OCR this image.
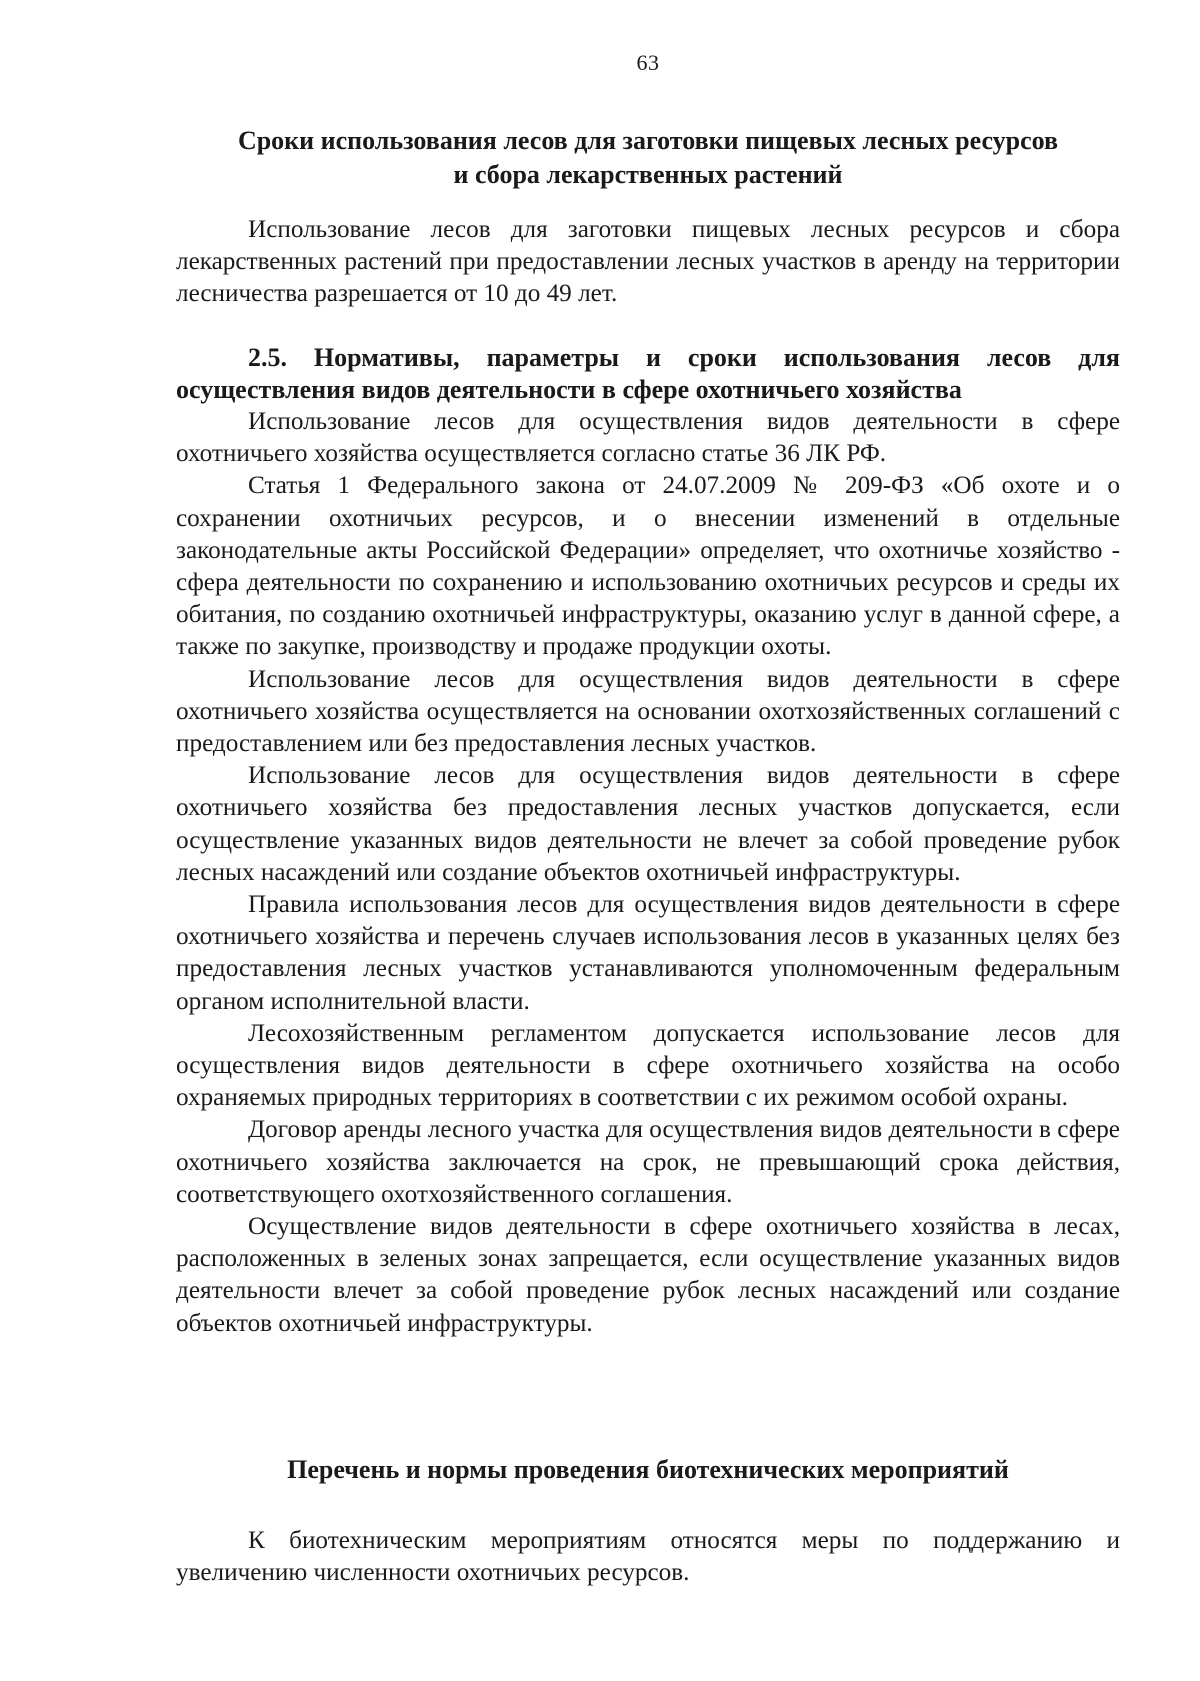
63
Сроки использования лесов для заготовки пищевых лесных ресурсов
и сбора лекарственных растений

Использование лесов для заготовки пищевых лесных ресурсов и сбора лекарственных растений при предоставлении лесных участков в аренду на территории лесничества разрешается от 10 до 49 лет.

2.5. Нормативы, параметры и сроки использования лесов для осуществления видов деятельности в сфере охотничьего хозяйства

Использование лесов для осуществления видов деятельности в сфере охотничьего хозяйства осуществляется согласно статье 36 ЛК РФ.

Статья 1 Федерального закона от 24.07.2009 № 209-ФЗ «Об охоте и о сохранении охотничьих ресурсов, и о внесении изменений в отдельные законодательные акты Российской Федерации» определяет, что охотничье хозяйство - сфера деятельности по сохранению и использованию охотничьих ресурсов и среды их обитания, по созданию охотничьей инфраструктуры, оказанию услуг в данной сфере, а также по закупке, производству и продаже продукции охоты.

Использование лесов для осуществления видов деятельности в сфере охотничьего хозяйства осуществляется на основании охотхозяйственных соглашений с предоставлением или без предоставления лесных участков.

Использование лесов для осуществления видов деятельности в сфере охотничьего хозяйства без предоставления лесных участков допускается, если осуществление указанных видов деятельности не влечет за собой проведение рубок лесных насаждений или создание объектов охотничьей инфраструктуры.

Правила использования лесов для осуществления видов деятельности в сфере охотничьего хозяйства и перечень случаев использования лесов в указанных целях без предоставления лесных участков устанавливаются уполномоченным федеральным органом исполнительной власти.

Лесохозяйственным регламентом допускается использование лесов для осуществления видов деятельности в сфере охотничьего хозяйства на особо охраняемых природных территориях в соответствии с их режимом особой охраны.

Договор аренды лесного участка для осуществления видов деятельности в сфере охотничьего хозяйства заключается на срок, не превышающий срока действия, соответствующего охотхозяйственного соглашения.

Осуществление видов деятельности в сфере охотничьего хозяйства в лесах, расположенных в зеленых зонах запрещается, если осуществление указанных видов деятельности влечет за собой проведение рубок лесных насаждений или создание объектов охотничьей инфраструктуры.

Перечень и нормы проведения биотехнических мероприятий

К биотехническим мероприятиям относятся меры по поддержанию и увеличению численности охотничьих ресурсов.
